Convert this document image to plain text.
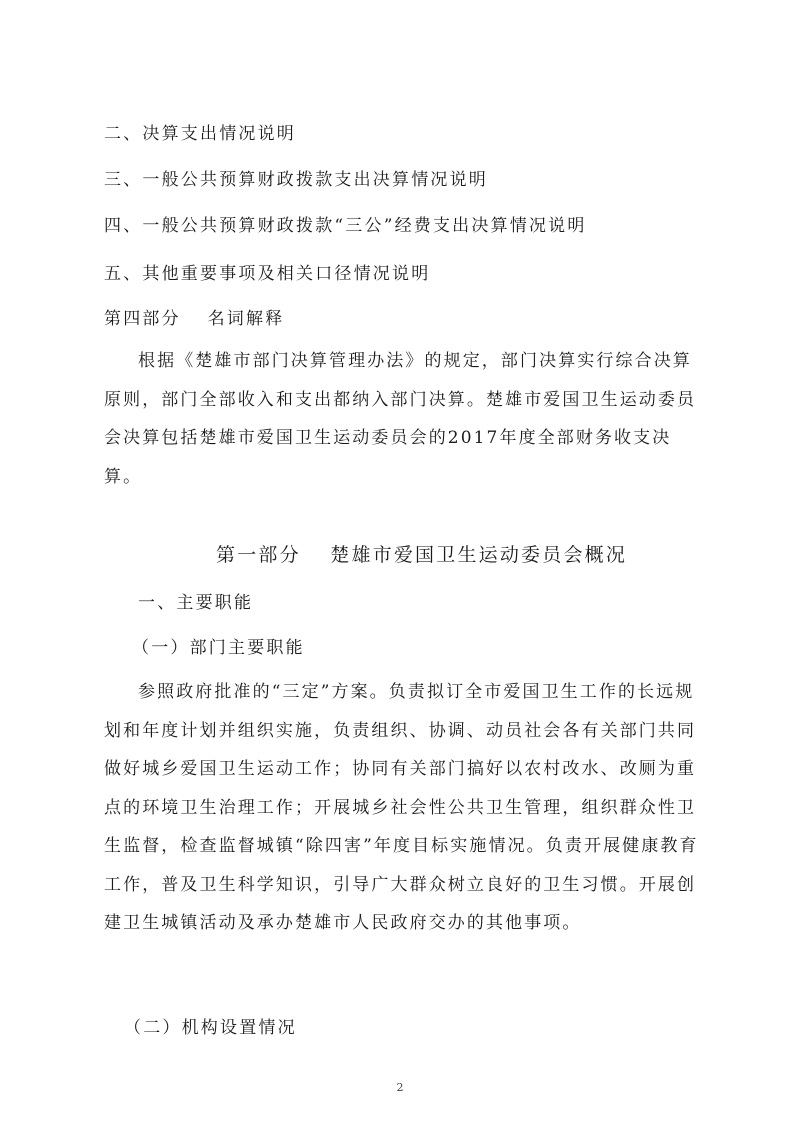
二、决算支出情况说明
三、一般公共预算财政拨款支出决算情况说明
四、一般公共预算财政拨款“三公”经费支出决算情况说明
五、其他重要事项及相关口径情况说明
第四部分　 名词解释

根据《楚雄市部门决算管理办法》的规定，部门决算实行综合决算原则，部门全部收入和支出都纳入部门决算。楚雄市爱国卫生运动委员会决算包括楚雄市爱国卫生运动委员会的2017年度全部财务收支决算。

第一部分　 楚雄市爱国卫生运动委员会概况
一、主要职能
（一）部门主要职能

参照政府批准的“三定”方案。负责拟订全市爱国卫生工作的长远规划和年度计划并组织实施，负责组织、协调、动员社会各有关部门共同做好城乡爱国卫生运动工作；协同有关部门搞好以农村改水、改厕为重点的环境卫生治理工作；开展城乡社会性公共卫生管理，组织群众性卫生监督，检查监督城镇“除四害”年度目标实施情况。负责开展健康教育工作，普及卫生科学知识，引导广大群众树立良好的卫生习惯。开展创建卫生城镇活动及承办楚雄市人民政府交办的其他事项。

（二）机构设置情况
2
